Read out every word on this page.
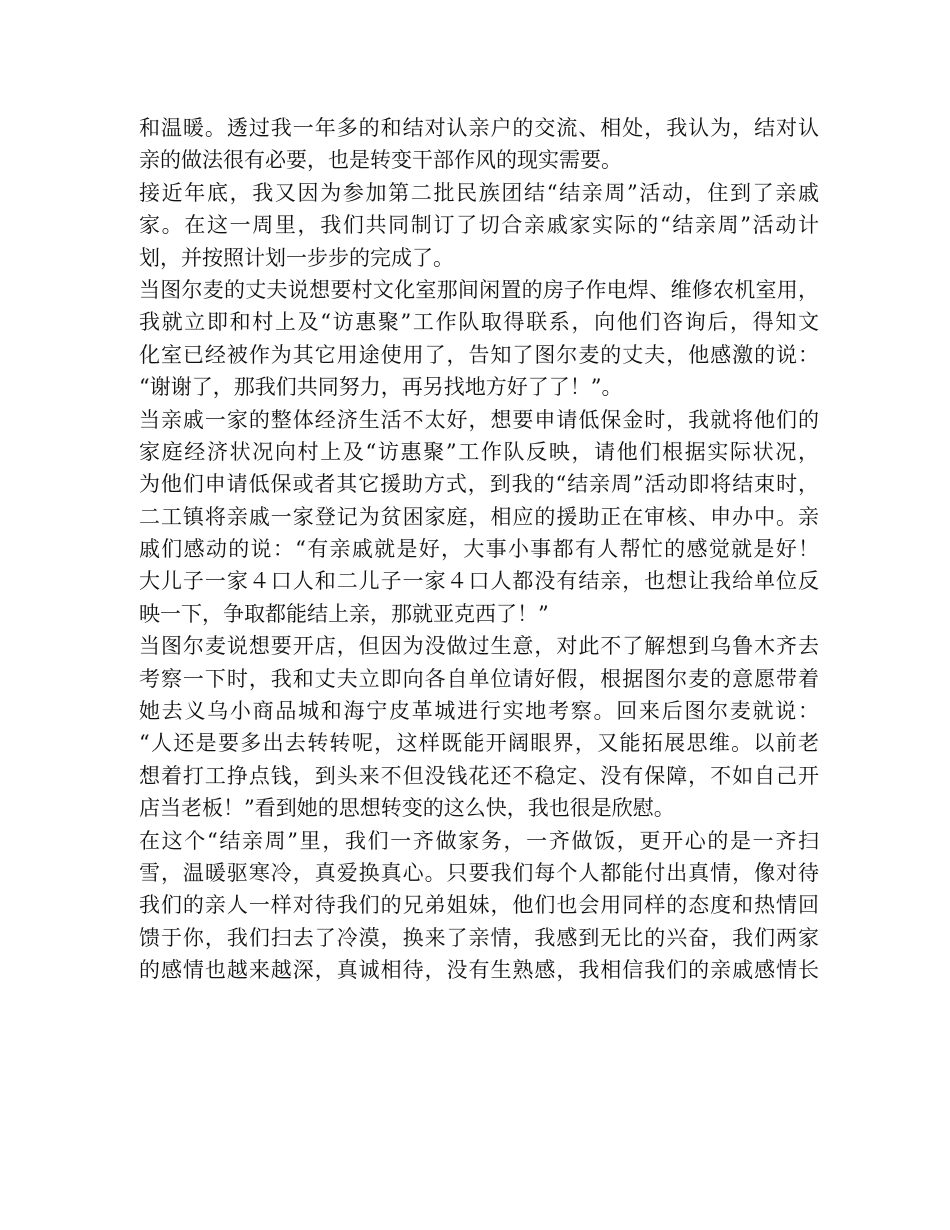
和温暖。透过我一年多的和结对认亲户的交流、相处，我认为，结对认
亲的做法很有必要，也是转变干部作风的现实需要。
接近年底，我又因为参加第二批民族团结“结亲周”活动，住到了亲戚
家。在这一周里，我们共同制订了切合亲戚家实际的“结亲周”活动计
划，并按照计划一步步的完成了。
当图尔麦的丈夫说想要村文化室那间闲置的房子作电焊、维修农机室用，
我就立即和村上及“访惠聚”工作队取得联系，向他们咨询后，得知文
化室已经被作为其它用途使用了，告知了图尔麦的丈夫，他感激的说：
“谢谢了，那我们共同努力，再另找地方好了了！”。
当亲戚一家的整体经济生活不太好，想要申请低保金时，我就将他们的
家庭经济状况向村上及“访惠聚”工作队反映，请他们根据实际状况，
为他们申请低保或者其它援助方式，到我的“结亲周”活动即将结束时，
二工镇将亲戚一家登记为贫困家庭，相应的援助正在审核、申办中。亲
戚们感动的说：“有亲戚就是好，大事小事都有人帮忙的感觉就是好！
大儿子一家４口人和二儿子一家４口人都没有结亲，也想让我给单位反
映一下，争取都能结上亲，那就亚克西了！”
当图尔麦说想要开店，但因为没做过生意，对此不了解想到乌鲁木齐去
考察一下时，我和丈夫立即向各自单位请好假，根据图尔麦的意愿带着
她去义乌小商品城和海宁皮革城进行实地考察。回来后图尔麦就说：
“人还是要多出去转转呢，这样既能开阔眼界，又能拓展思维。以前老
想着打工挣点钱，到头来不但没钱花还不稳定、没有保障，不如自己开
店当老板！”看到她的思想转变的这么快，我也很是欣慰。
在这个“结亲周”里，我们一齐做家务，一齐做饭，更开心的是一齐扫
雪，温暖驱寒冷，真爱换真心。只要我们每个人都能付出真情，像对待
我们的亲人一样对待我们的兄弟姐妹，他们也会用同样的态度和热情回
馈于你，我们扫去了冷漠，换来了亲情，我感到无比的兴奋，我们两家
的感情也越来越深，真诚相待，没有生熟感，我相信我们的亲戚感情长
